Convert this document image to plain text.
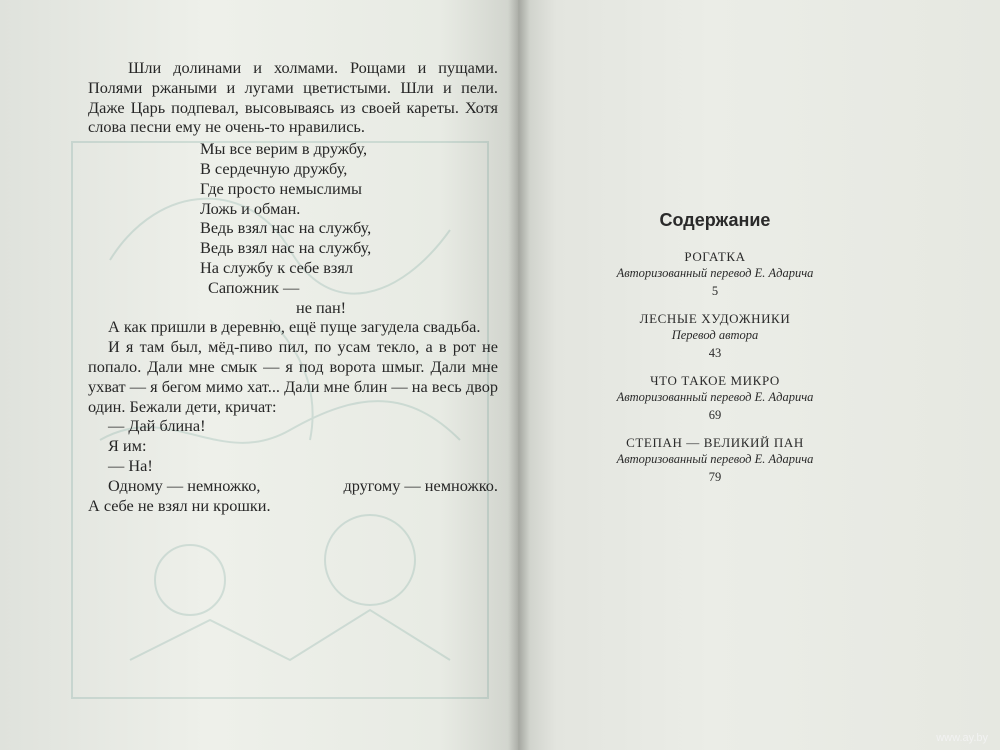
Шли долинами и холмами. Рощами и пущами. Полями ржаными и лугами цветистыми. Шли и пели. Даже Царь подпевал, высовываясь из своей кареты. Хотя слова песни ему не очень-то нравились.

Мы все верим в дружбу,
В сердечную дружбу,
Где просто немыслимы
Ложь и обман.
Ведь взял нас на службу,
Ведь взял нас на службу,
На службу к себе взял
Сапожник —
не пан!

А как пришли в деревню, ещё пуще загудела свадьба.

И я там был, мёд-пиво пил, по усам текло, а в рот не попало. Дали мне смык — я под ворота шмыг. Дали мне ухват — я бегом мимо хат... Дали мне блин — на весь двор один. Бежали дети, кричат:

— Дай блина!

Я им:

— На!

Одному — немножко,	другому — немножко.

А себе не взял ни крошки.

Содержание
РОГАТКА
Авторизованный перевод Е. Адарича
5
ЛЕСНЫЕ ХУДОЖНИКИ
Перевод автора
43
ЧТО ТАКОЕ МИКРО
Авторизованный перевод Е. Адарича
69
СТЕПАН — ВЕЛИКИЙ ПАН
Авторизованный перевод Е. Адарича
79
www.ay.by
